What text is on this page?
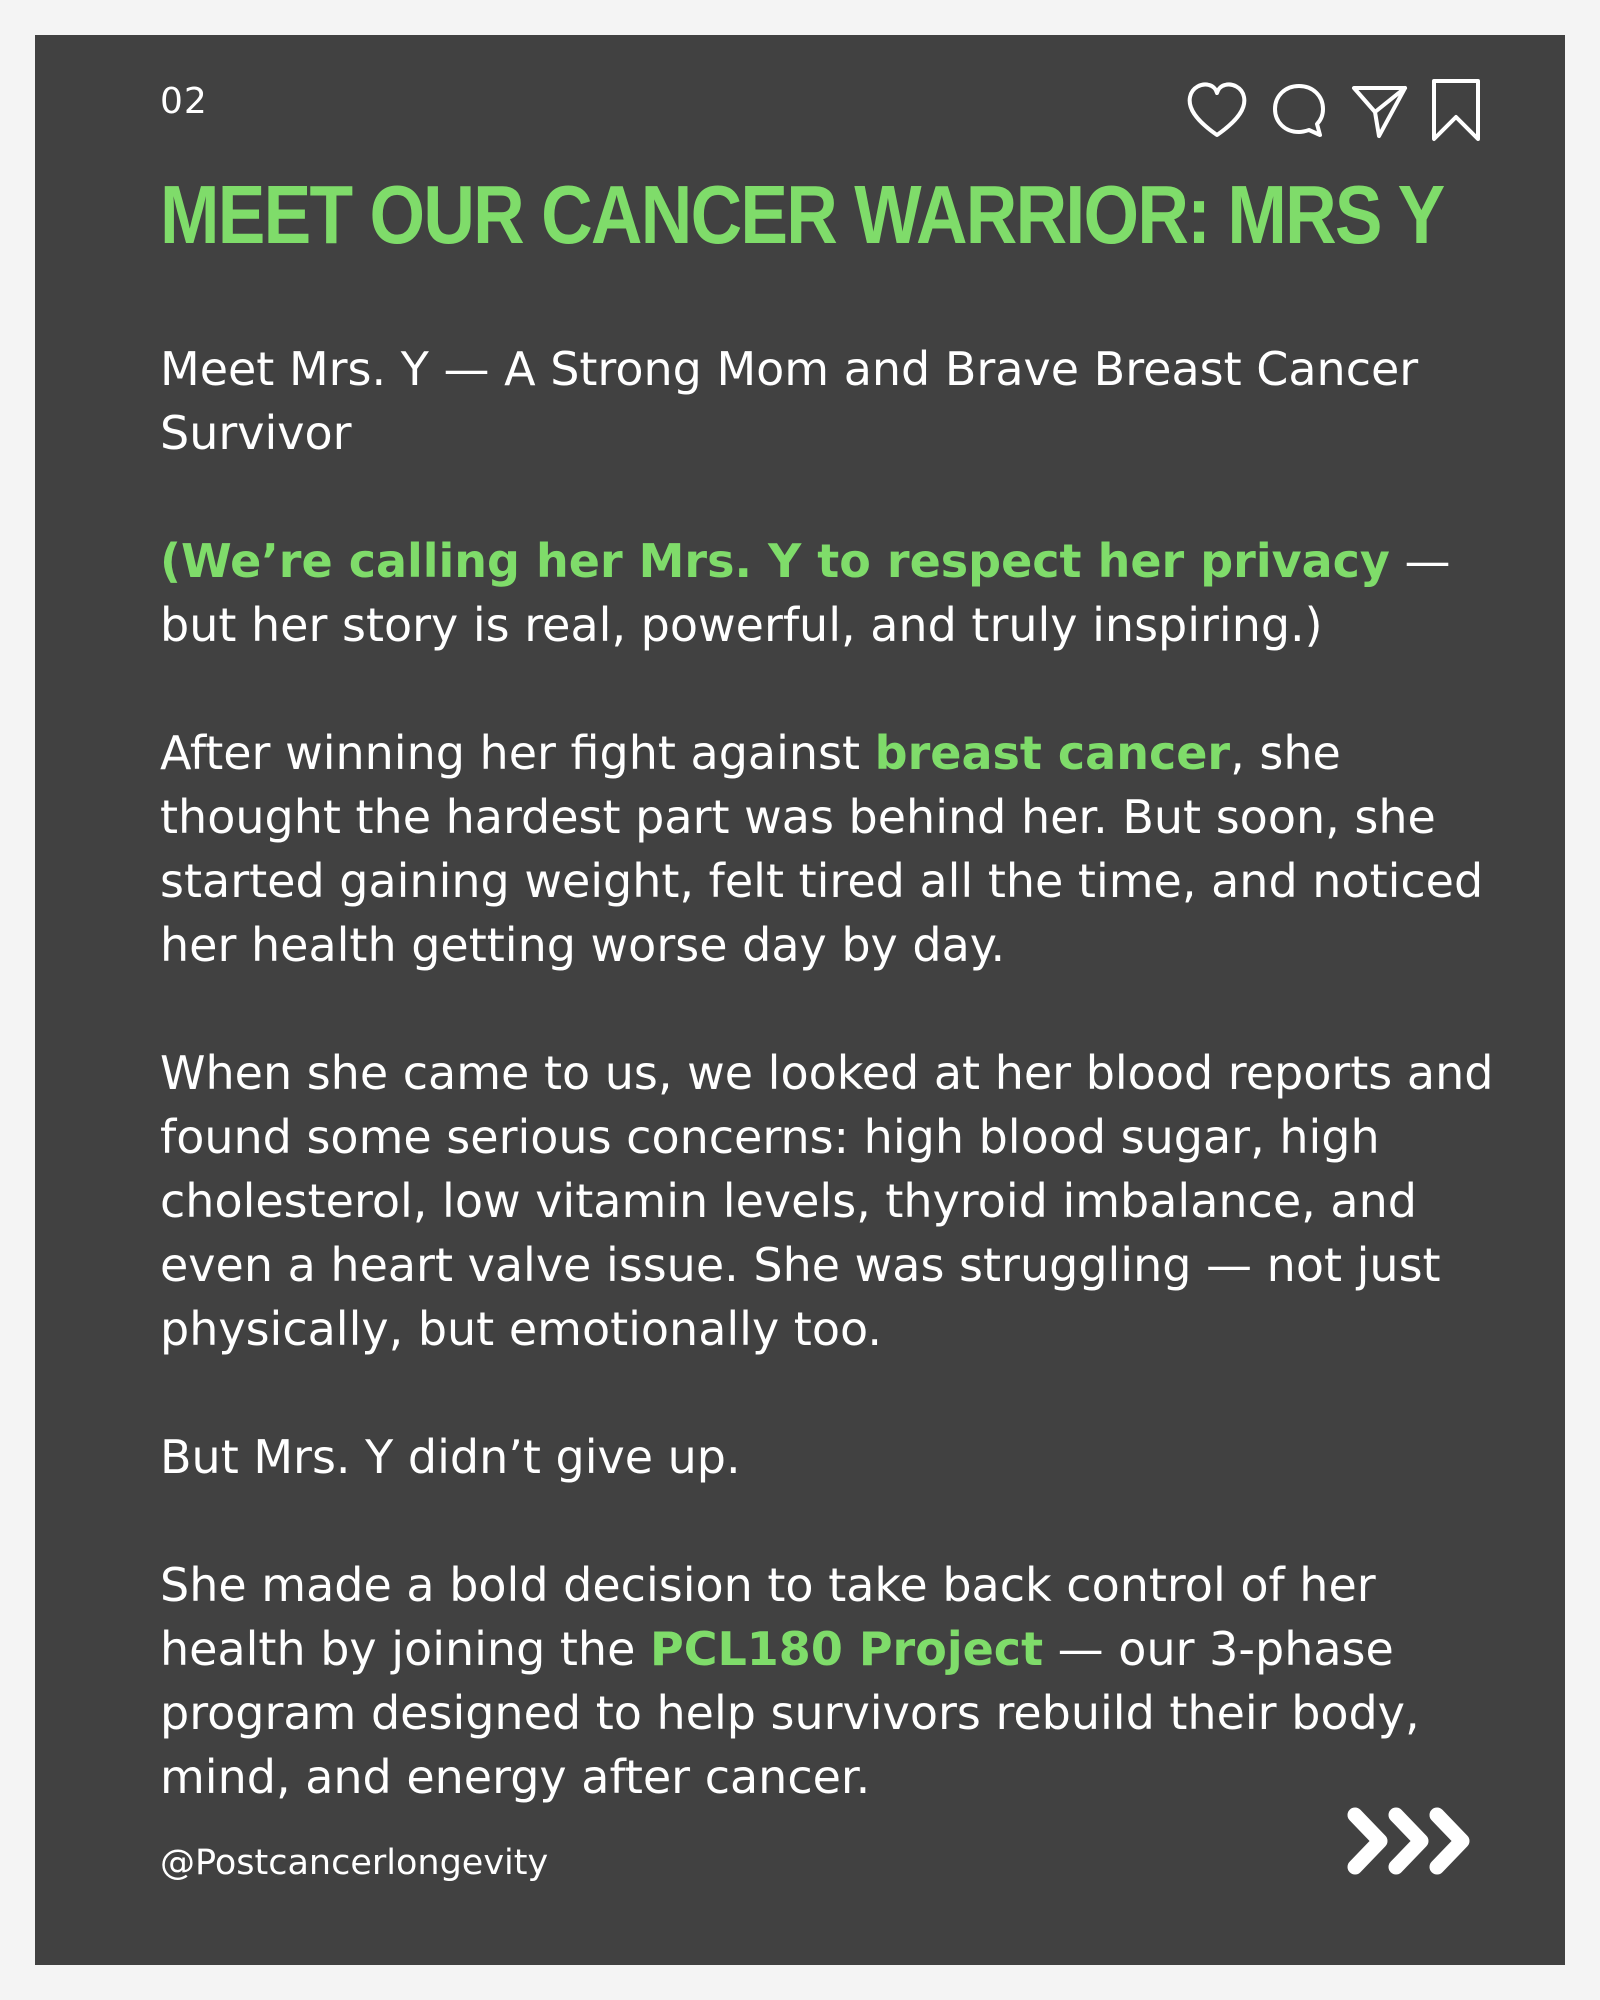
02
MEET OUR CANCER WARRIOR: MRS Y

Meet Mrs. Y — A Strong Mom and Brave Breast Cancer Survivor

(We’re calling her Mrs. Y to respect her privacy — but her story is real, powerful, and truly inspiring.)

After winning her fight against breast cancer, she thought the hardest part was behind her. But soon, she started gaining weight, felt tired all the time, and noticed her health getting worse day by day.

When she came to us, we looked at her blood reports and found some serious concerns: high blood sugar, high cholesterol, low vitamin levels, thyroid imbalance, and even a heart valve issue. She was struggling — not just physically, but emotionally too.

But Mrs. Y didn’t give up.

She made a bold decision to take back control of her health by joining the PCL180 Project — our 3-phase program designed to help survivors rebuild their body, mind, and energy after cancer.

@Postcancerlongevity
